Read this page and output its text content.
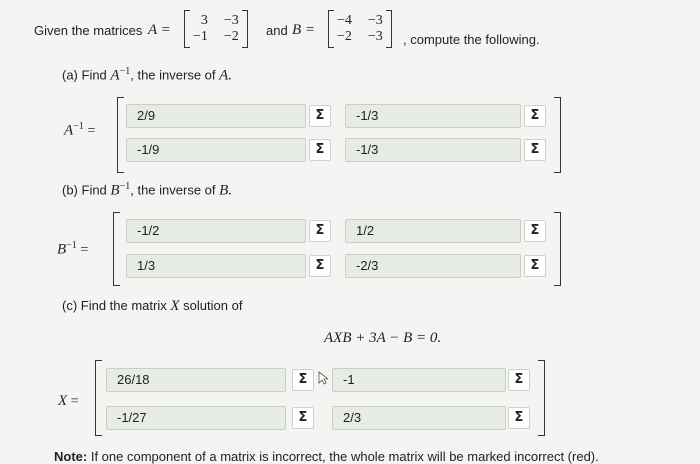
Given the matrices A =
3 −3
−1 −2 and B =
−4 −3
−2 −3 , compute the following.
(a) Find $A^{-1}$, the inverse of A.
$A^{-1}$ =
2/9	Σ	-1/3	Σ
-1/9	Σ	-1/3	Σ
(b) Find $B^{-1}$, the inverse of B.
$B^{-1}$ =
-1/2	Σ	1/2	Σ
1/3	Σ	-2/3	Σ
(c) Find the matrix X solution of
AXB + 3A − B = 0.
X =
26/18	Σ	-1	Σ
-1/27	Σ	2/3	Σ
Note: If one component of a matrix is incorrect, the whole matrix will be marked incorrect (red).
